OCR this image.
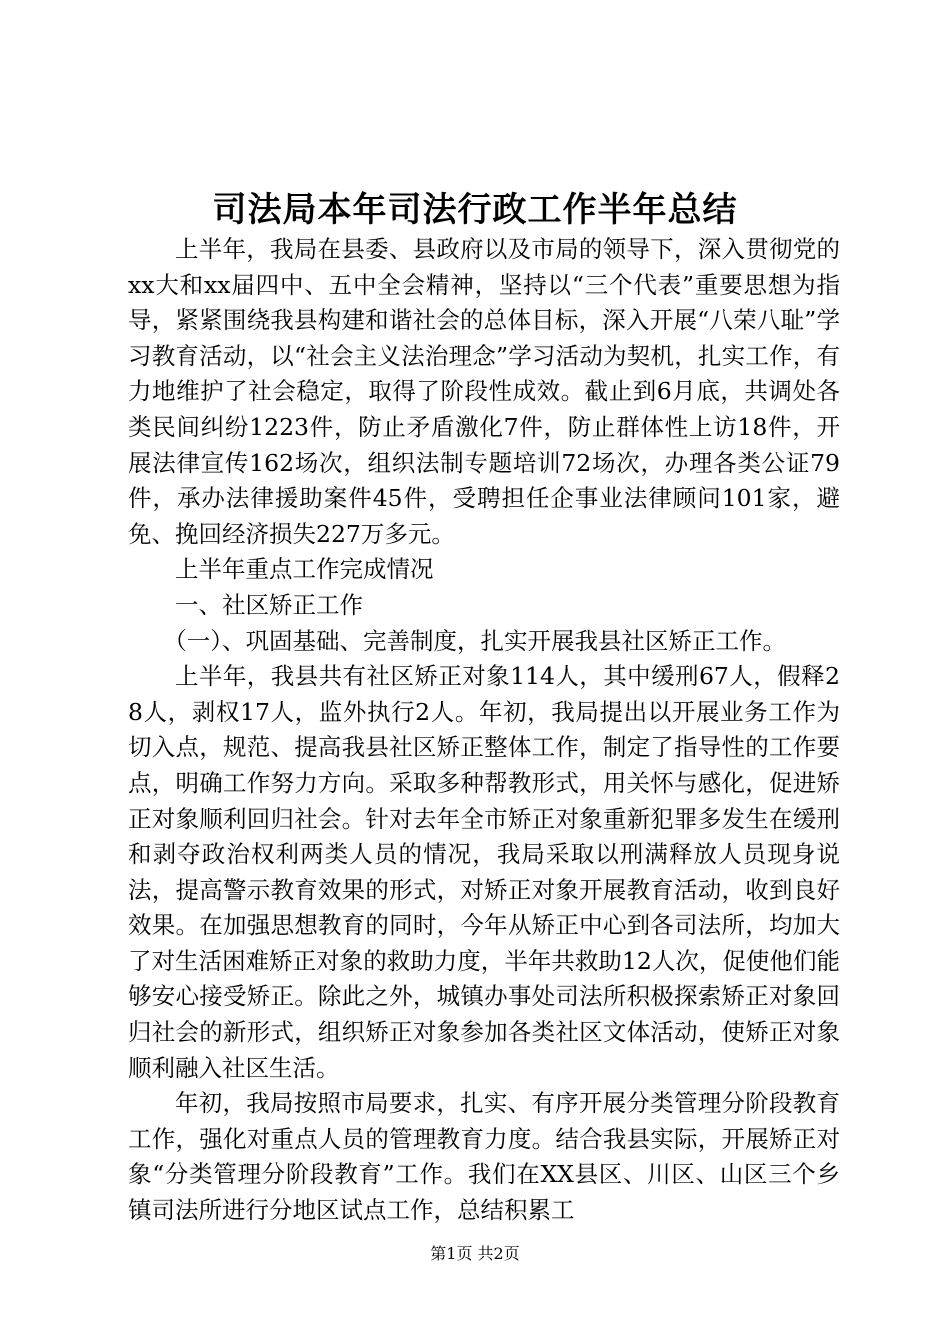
司法局本年司法行政工作半年总结

上半年，我局在县委、县政府以及市局的领导下，深入贯彻党的xx大和xx届四中、五中全会精神，坚持以“三个代表”重要思想为指导，紧紧围绕我县构建和谐社会的总体目标，深入开展“八荣八耻”学习教育活动，以“社会主义法治理念”学习活动为契机，扎实工作，有力地维护了社会稳定，取得了阶段性成效。截止到6月底，共调处各类民间纠纷1223件，防止矛盾激化7件，防止群体性上访18件，开展法律宣传162场次，组织法制专题培训72场次，办理各类公证79件，承办法律援助案件45件，受聘担任企事业法律顾问101家，避免、挽回经济损失227万多元。

上半年重点工作完成情况

一、社区矫正工作

（一）、巩固基础、完善制度，扎实开展我县社区矫正工作。

上半年，我县共有社区矫正对象114人，其中缓刑67人，假释28人，剥权17人，监外执行2人。年初，我局提出以开展业务工作为切入点，规范、提高我县社区矫正整体工作，制定了指导性的工作要点，明确工作努力方向。采取多种帮教形式，用关怀与感化，促进矫正对象顺利回归社会。针对去年全市矫正对象重新犯罪多发生在缓刑和剥夺政治权利两类人员的情况，我局采取以刑满释放人员现身说法，提高警示教育效果的形式，对矫正对象开展教育活动，收到良好效果。在加强思想教育的同时，今年从矫正中心到各司法所，均加大了对生活困难矫正对象的救助力度，半年共救助12人次，促使他们能够安心接受矫正。除此之外，城镇办事处司法所积极探索矫正对象回归社会的新形式，组织矫正对象参加各类社区文体活动，使矫正对象顺利融入社区生活。

年初，我局按照市局要求，扎实、有序开展分类管理分阶段教育工作，强化对重点人员的管理教育力度。结合我县实际，开展矫正对象“分类管理分阶段教育”工作。我们在XX县区、川区、山区三个乡镇司法所进行分地区试点工作，总结积累工

第1页 共2页
